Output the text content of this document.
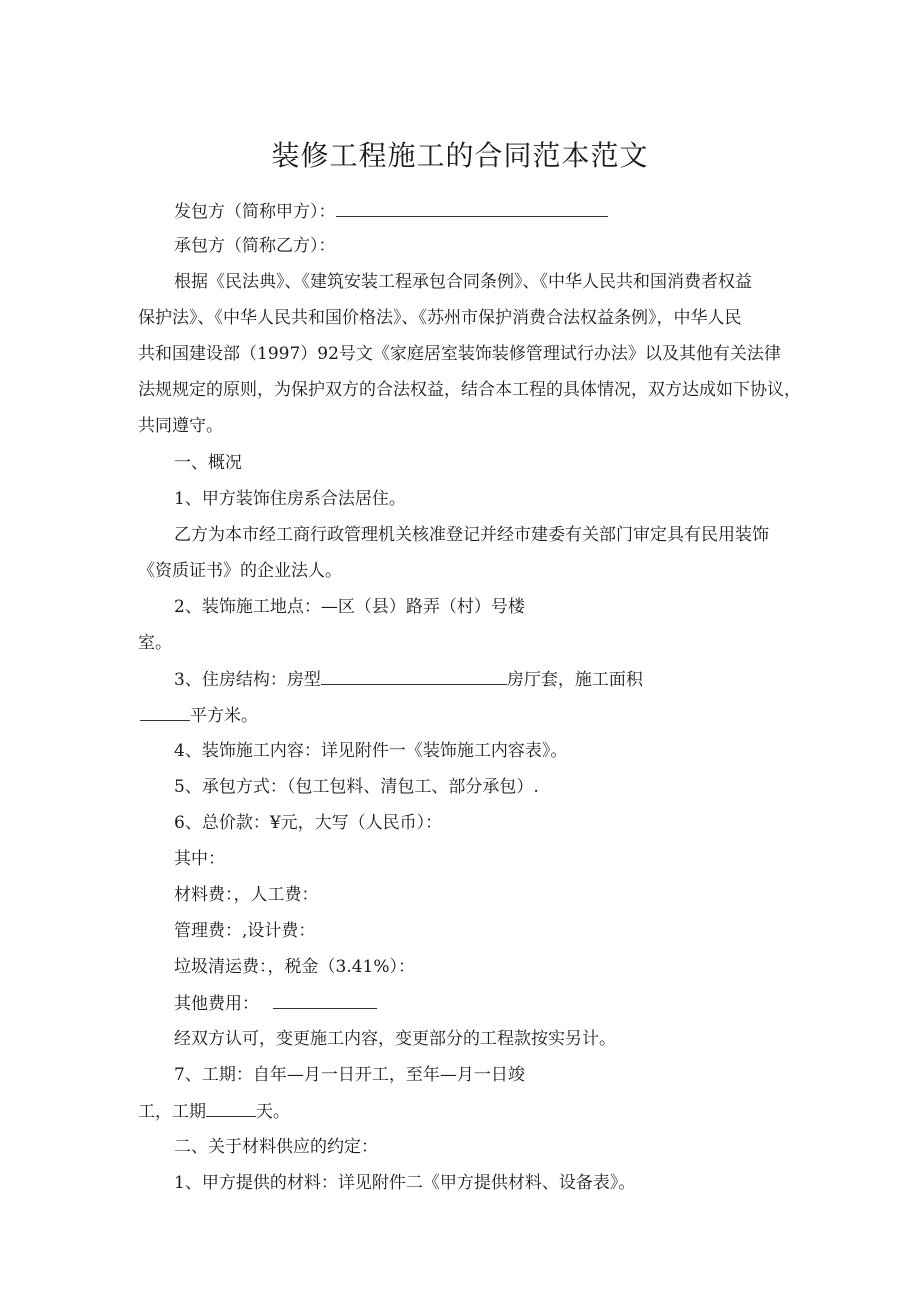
装修工程施工的合同范本范文

发包方（简称甲方）：

承包方（简称乙方）：

根据《民法典》、《建筑安装工程承包合同条例》、《中华人民共和国消费者权益

保护法》、《中华人民共和国价格法》、《苏州市保护消费合法权益条例》，中华人民

共和国建设部（1997）92号文《家庭居室装饰装修管理试行办法》以及其他有关法律

法规规定的原则，为保护双方的合法权益，结合本工程的具体情况，双方达成如下协议，

共同遵守。

一、概况

1、甲方装饰住房系合法居住。

乙方为本市经工商行政管理机关核准登记并经市建委有关部门审定具有民用装饰

《资质证书》的企业法人。

2、装饰施工地点：—区（县）路弄（村）号楼

室。

3、住房结构：房型	房厅套，施工面积

平方米。

4、装饰施工内容：详见附件一《装饰施工内容表》。

5、承包方式：（包工包料、清包工、部分承包）.

6、总价款：¥元，大写（人民币）：

其中：

材料费：，人工费：

管理费：,设计费：

垃圾清运费：，税金（3.41%）：

其他费用：

经双方认可，变更施工内容，变更部分的工程款按实另计。

7、工期：自年—月一日开工，至年—月一日竣

工，工期	天。

二、关于材料供应的约定：

1、甲方提供的材料：详见附件二《甲方提供材料、设备表》。
